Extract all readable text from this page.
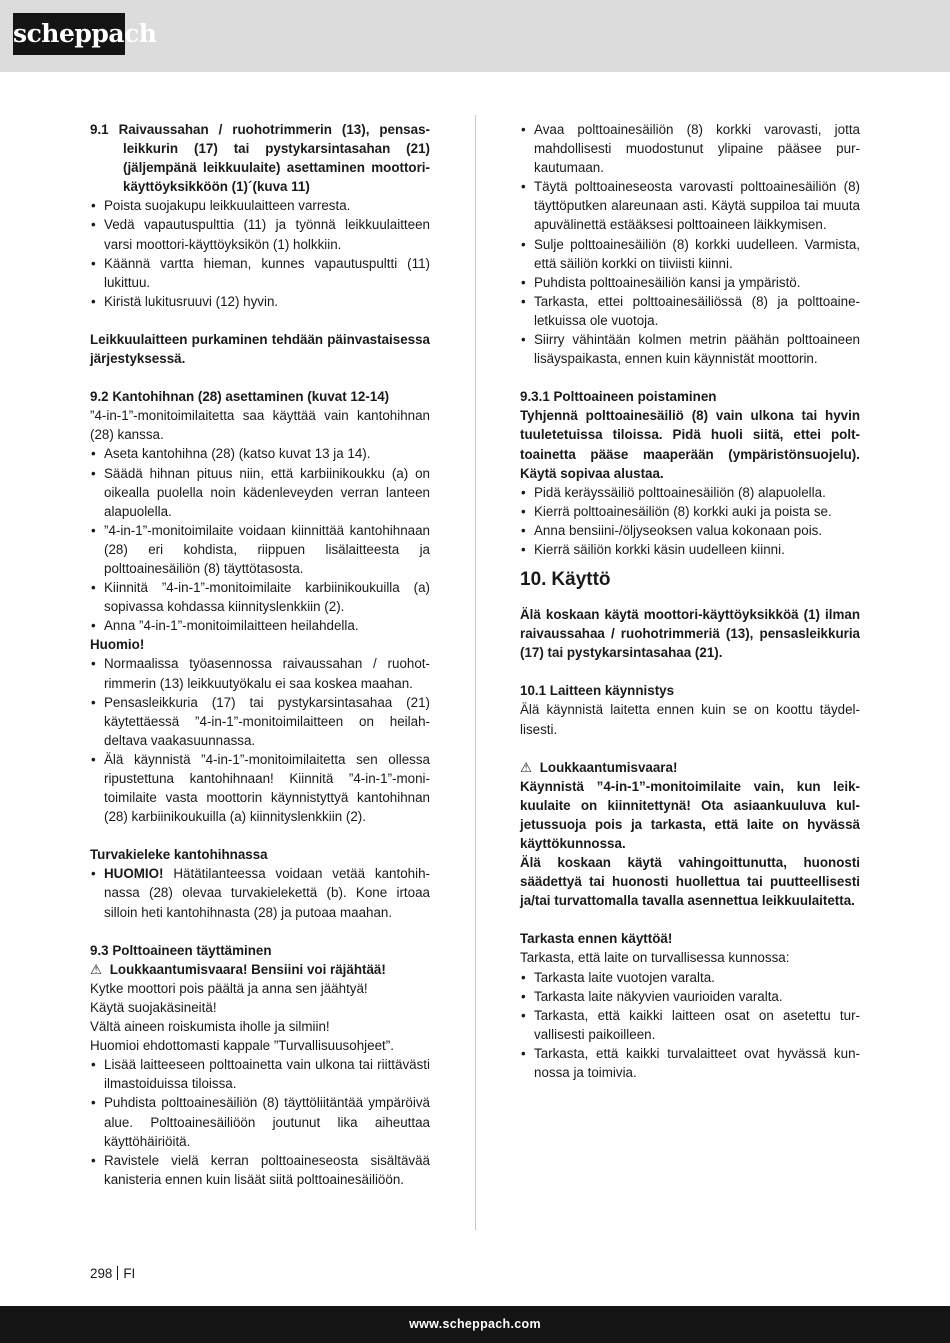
scheppach

9.1 Raivaussahan / ruohotrimmerin (13), pensasleikkurin (17) tai pystykarsintasahan (21) (jäljempänä leikkuulaite) asettaminen moottori-käyttöyksikköön (1)´(kuva 11)

• Poista suojakupu leikkuulaitteen varresta.
• Vedä vapautuspulttia (11) ja työnnä leikkuulaitteen varsi moottori-käyttöyksikön (1) holkkiin.
• Käännä vartta hieman, kunnes vapautuspultti (11) lukittuu.
• Kiristä lukitusruuvi (12) hyvin.

Leikkuulaitteen purkaminen tehdään päinvastaisessa järjestyksessä.

9.2 Kantohihnan (28) asettaminen (kuvat 12-14)

”4-in-1”-monitoimilaitetta saa käyttää vain kantohihnan (28) kanssa.

• Aseta kantohihna (28) (katso kuvat 13 ja 14).
• Säädä hihnan pituus niin, että karbiinikoukku (a) on oikealla puolella noin kädenleveyden verran lanteen alapuolella.
• ”4-in-1”-monitoimilaite voidaan kiinnittää kantohihnaan (28) eri kohdista, riippuen lisälaitteesta ja polttoainesäiliön (8) täyttötasosta.
• Kiinnitä ”4-in-1”-monitoimilaite karbiinikoukuilla (a) sopivassa kohdassa kiinnityslenkkiin (2).
• Anna ”4-in-1”-monitoimilaitteen heilahdella.

Huomio!

• Normaalissa työasennossa raivaussahan / ruohotrimmerin (13) leikkuutyökalu ei saa koskea maahan.
• Pensasleikkuria (17) tai pystykarsintasahaa (21) käytettäessä ”4-in-1”-monitoimilaitteen on heilahdeltava vaakasuunnassa.
• Älä käynnistä ”4-in-1”-monitoimilaitetta sen ollessa ripustettuna kantohihnaan! Kiinnitä ”4-in-1”-monitoimilaite vasta moottorin käynnistyttyä kantohihnan (28) karbiinikoukuilla (a) kiinnityslenkkiin (2).

Turvakieleke kantohihnassa

• HUOMIO! Hätätilanteessa voidaan vetää kantohihnassa (28) olevaa turvakielekettä (b). Kone irtoaa silloin heti kantohihnasta (28) ja putoaa maahan.

9.3 Polttoaineen täyttäminen

⚠ Loukkaantumisvaara! Bensiini voi räjähtää!

Kytke moottori pois päältä ja anna sen jäähtyä!

Käytä suojakäsineitä!

Vältä aineen roiskumista iholle ja silmiin!

Huomioi ehdottomasti kappale ”Turvallisuusohjeet”.

• Lisää laitteeseen polttoainetta vain ulkona tai riittävästi ilmastoiduissa tiloissa.
• Puhdista polttoainesäiliön (8) täyttöliitäntää ympäröivä alue. Polttoainesäiliöön joutunut lika aiheuttaa käyttöhäiriöitä.
• Ravistele vielä kerran polttoaineseosta sisältävää kanisteria ennen kuin lisäät siitä polttoainesäiliöön.
• Avaa polttoainesäiliön (8) korkki varovasti, jotta mahdollisesti muodostunut ylipaine pääsee purkautumaan.
• Täytä polttoaineseosta varovasti polttoainesäiliön (8) täyttöputken alareunaan asti. Käytä suppiloa tai muuta apuvälinettä estääksesi polttoaineen läikkymisen.
• Sulje polttoainesäiliön (8) korkki uudelleen. Varmista, että säiliön korkki on tiiviisti kiinni.
• Puhdista polttoainesäiliön kansi ja ympäristö.
• Tarkasta, ettei polttoainesäiliössä (8) ja polttoaineletkuissa ole vuotoja.
• Siirry vähintään kolmen metrin päähän polttoaineen lisäyspaikasta, ennen kuin käynnistät moottorin.

9.3.1 Polttoaineen poistaminen

Tyhjennä polttoainesäiliö (8) vain ulkona tai hyvin tuuletetuissa tiloissa. Pidä huoli siitä, ettei polttoainetta pääse maaperään (ympäristönsuojelu). Käytä sopivaa alustaa.

• Pidä keräyssäiliö polttoainesäiliön (8) alapuolella.
• Kierrä polttoainesäiliön (8) korkki auki ja poista se.
• Anna bensiini-/öljyseoksen valua kokonaan pois.
• Kierrä säiliön korkki käsin uudelleen kiinni.
10. Käyttö

Älä koskaan käytä moottori-käyttöyksikköä (1) ilman raivaussahaa / ruohotrimmeriä (13), pensasleikkuria (17) tai pystykarsintasahaa (21).

10.1 Laitteen käynnistys

Älä käynnistä laitetta ennen kuin se on koottu täydellisesti.

⚠ Loukkaantumisvaara!

Käynnistä ”4-in-1”-monitoimilaite vain, kun leikkuulaite on kiinnitettynä! Ota asiaankuuluva kuljetussuoja pois ja tarkasta, että laite on hyvässä käyttökunnossa.

Älä koskaan käytä vahingoittunutta, huonosti säädettyä tai huonosti huollettua tai puutteellisesti ja/tai turvattomalla tavalla asennettua leikkuulaitetta.

Tarkasta ennen käyttöä!

Tarkasta, että laite on turvallisessa kunnossa:

• Tarkasta laite vuotojen varalta.
• Tarkasta laite näkyvien vaurioiden varalta.
• Tarkasta, että kaikki laitteen osat on asetettu turvallisesti paikoilleen.
• Tarkasta, että kaikki turvalaitteet ovat hyvässä kunnossa ja toimivia.
298 FI
www.scheppach.com
